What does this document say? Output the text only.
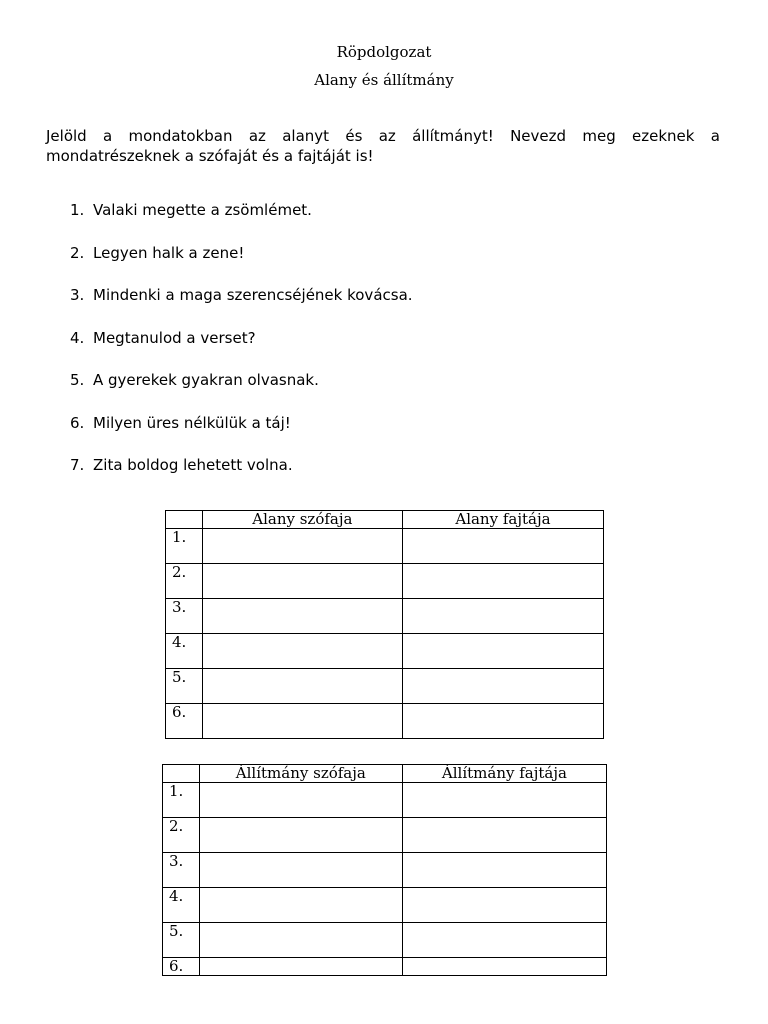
Röpdolgozat
Alany és állítmány
Jelöld a mondatokban az alanyt és az állítmányt! Nevezd meg ezeknek a mondatrészeknek a szófaját és a fajtáját is!
1. Valaki megette a zsömlémet.
2. Legyen halk a zene!
3. Mindenki a maga szerencséjének kovácsa.
4. Megtanulod a verset?
5. A gyerekek gyakran olvasnak.
6. Milyen üres nélkülük a táj!
7. Zita boldog lehetett volna.
	Alany szófaja	Alany fajtája
1.		
2.		
3.		
4.		
5.		
6.		
	Állítmány szófaja	Állítmány fajtája
1.		
2.		
3.		
4.		
5.		
6.		
